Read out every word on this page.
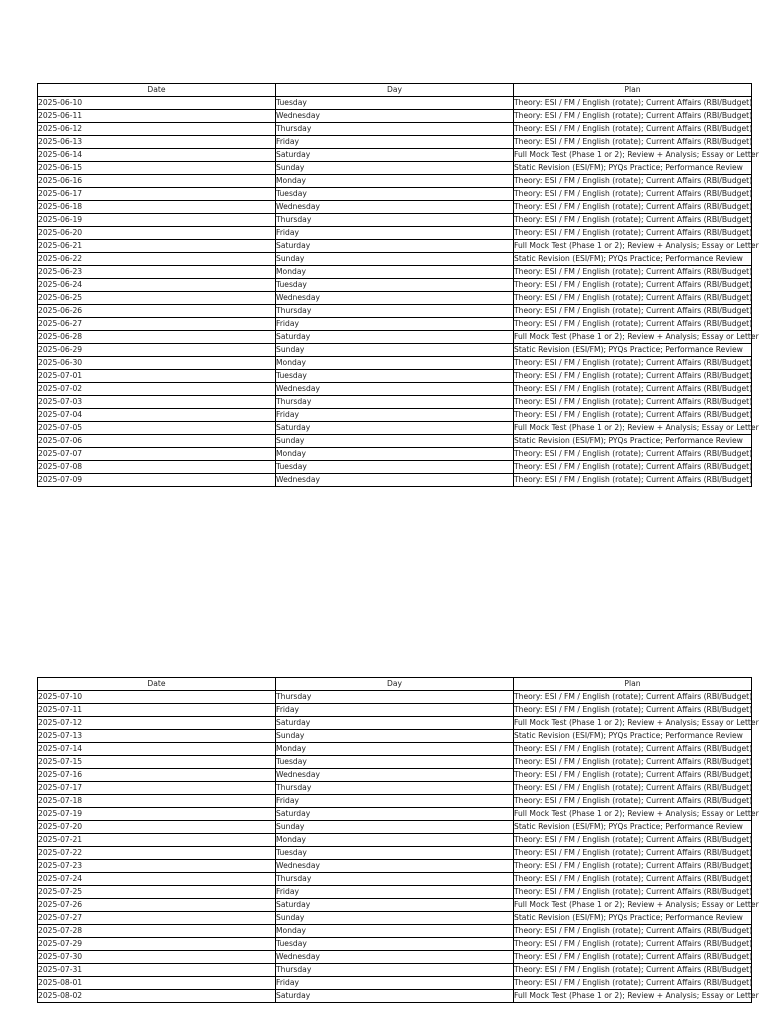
Date	Day	Plan
2025-06-10	Tuesday	Theory: ESI / FM / English (rotate); Current Affairs (RBI/Budget)
2025-06-11	Wednesday	Theory: ESI / FM / English (rotate); Current Affairs (RBI/Budget)
2025-06-12	Thursday	Theory: ESI / FM / English (rotate); Current Affairs (RBI/Budget)
2025-06-13	Friday	Theory: ESI / FM / English (rotate); Current Affairs (RBI/Budget)
2025-06-14	Saturday	Full Mock Test (Phase 1 or 2); Review + Analysis; Essay or Letter
2025-06-15	Sunday	Static Revision (ESI/FM); PYQs Practice; Performance Review
2025-06-16	Monday	Theory: ESI / FM / English (rotate); Current Affairs (RBI/Budget)
2025-06-17	Tuesday	Theory: ESI / FM / English (rotate); Current Affairs (RBI/Budget)
2025-06-18	Wednesday	Theory: ESI / FM / English (rotate); Current Affairs (RBI/Budget)
2025-06-19	Thursday	Theory: ESI / FM / English (rotate); Current Affairs (RBI/Budget)
2025-06-20	Friday	Theory: ESI / FM / English (rotate); Current Affairs (RBI/Budget)
2025-06-21	Saturday	Full Mock Test (Phase 1 or 2); Review + Analysis; Essay or Letter
2025-06-22	Sunday	Static Revision (ESI/FM); PYQs Practice; Performance Review
2025-06-23	Monday	Theory: ESI / FM / English (rotate); Current Affairs (RBI/Budget)
2025-06-24	Tuesday	Theory: ESI / FM / English (rotate); Current Affairs (RBI/Budget)
2025-06-25	Wednesday	Theory: ESI / FM / English (rotate); Current Affairs (RBI/Budget)
2025-06-26	Thursday	Theory: ESI / FM / English (rotate); Current Affairs (RBI/Budget)
2025-06-27	Friday	Theory: ESI / FM / English (rotate); Current Affairs (RBI/Budget)
2025-06-28	Saturday	Full Mock Test (Phase 1 or 2); Review + Analysis; Essay or Letter
2025-06-29	Sunday	Static Revision (ESI/FM); PYQs Practice; Performance Review
2025-06-30	Monday	Theory: ESI / FM / English (rotate); Current Affairs (RBI/Budget)
2025-07-01	Tuesday	Theory: ESI / FM / English (rotate); Current Affairs (RBI/Budget)
2025-07-02	Wednesday	Theory: ESI / FM / English (rotate); Current Affairs (RBI/Budget)
2025-07-03	Thursday	Theory: ESI / FM / English (rotate); Current Affairs (RBI/Budget)
2025-07-04	Friday	Theory: ESI / FM / English (rotate); Current Affairs (RBI/Budget)
2025-07-05	Saturday	Full Mock Test (Phase 1 or 2); Review + Analysis; Essay or Letter
2025-07-06	Sunday	Static Revision (ESI/FM); PYQs Practice; Performance Review
2025-07-07	Monday	Theory: ESI / FM / English (rotate); Current Affairs (RBI/Budget)
2025-07-08	Tuesday	Theory: ESI / FM / English (rotate); Current Affairs (RBI/Budget)
2025-07-09	Wednesday	Theory: ESI / FM / English (rotate); Current Affairs (RBI/Budget)
Date	Day	Plan
2025-07-10	Thursday	Theory: ESI / FM / English (rotate); Current Affairs (RBI/Budget)
2025-07-11	Friday	Theory: ESI / FM / English (rotate); Current Affairs (RBI/Budget)
2025-07-12	Saturday	Full Mock Test (Phase 1 or 2); Review + Analysis; Essay or Letter
2025-07-13	Sunday	Static Revision (ESI/FM); PYQs Practice; Performance Review
2025-07-14	Monday	Theory: ESI / FM / English (rotate); Current Affairs (RBI/Budget)
2025-07-15	Tuesday	Theory: ESI / FM / English (rotate); Current Affairs (RBI/Budget)
2025-07-16	Wednesday	Theory: ESI / FM / English (rotate); Current Affairs (RBI/Budget)
2025-07-17	Thursday	Theory: ESI / FM / English (rotate); Current Affairs (RBI/Budget)
2025-07-18	Friday	Theory: ESI / FM / English (rotate); Current Affairs (RBI/Budget)
2025-07-19	Saturday	Full Mock Test (Phase 1 or 2); Review + Analysis; Essay or Letter
2025-07-20	Sunday	Static Revision (ESI/FM); PYQs Practice; Performance Review
2025-07-21	Monday	Theory: ESI / FM / English (rotate); Current Affairs (RBI/Budget)
2025-07-22	Tuesday	Theory: ESI / FM / English (rotate); Current Affairs (RBI/Budget)
2025-07-23	Wednesday	Theory: ESI / FM / English (rotate); Current Affairs (RBI/Budget)
2025-07-24	Thursday	Theory: ESI / FM / English (rotate); Current Affairs (RBI/Budget)
2025-07-25	Friday	Theory: ESI / FM / English (rotate); Current Affairs (RBI/Budget)
2025-07-26	Saturday	Full Mock Test (Phase 1 or 2); Review + Analysis; Essay or Letter
2025-07-27	Sunday	Static Revision (ESI/FM); PYQs Practice; Performance Review
2025-07-28	Monday	Theory: ESI / FM / English (rotate); Current Affairs (RBI/Budget)
2025-07-29	Tuesday	Theory: ESI / FM / English (rotate); Current Affairs (RBI/Budget)
2025-07-30	Wednesday	Theory: ESI / FM / English (rotate); Current Affairs (RBI/Budget)
2025-07-31	Thursday	Theory: ESI / FM / English (rotate); Current Affairs (RBI/Budget)
2025-08-01	Friday	Theory: ESI / FM / English (rotate); Current Affairs (RBI/Budget)
2025-08-02	Saturday	Full Mock Test (Phase 1 or 2); Review + Analysis; Essay or Letter
